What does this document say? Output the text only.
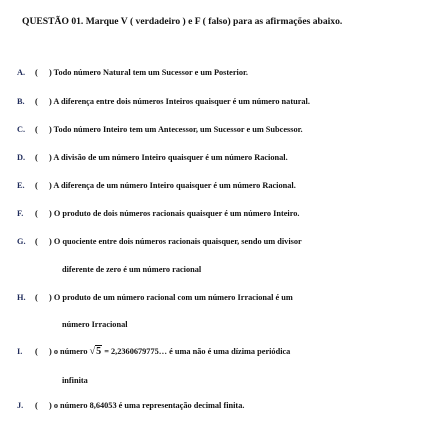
QUESTÃO 01. Marque V ( verdadeiro ) e F ( falso) para as afirmações abaixo.
A. ( ) Todo número Natural tem um Sucessor e um Posterior.
B. ( ) A diferença entre dois números Inteiros quaisquer é um número natural.
C. ( ) Todo número Inteiro tem um Antecessor, um Sucessor e um Subcessor.
D. ( ) A divisão de um número Inteiro quaisquer é um número Racional.
E. ( ) A diferença de um número Inteiro quaisquer é um número Racional.
F. ( ) O produto de dois números racionais quaisquer é um número Inteiro.
G. ( ) O quociente entre dois números racionais quaisquer, sendo um divisor
diferente de zero é um número racional
H. ( ) O produto de um número racional com um número Irracional é um
número Irracional
I. ( ) o número √5 = 2,2360679775… é uma não é uma dízima periódica
infinita
J. ( ) o número 8,64053 é uma representação decimal finita.
